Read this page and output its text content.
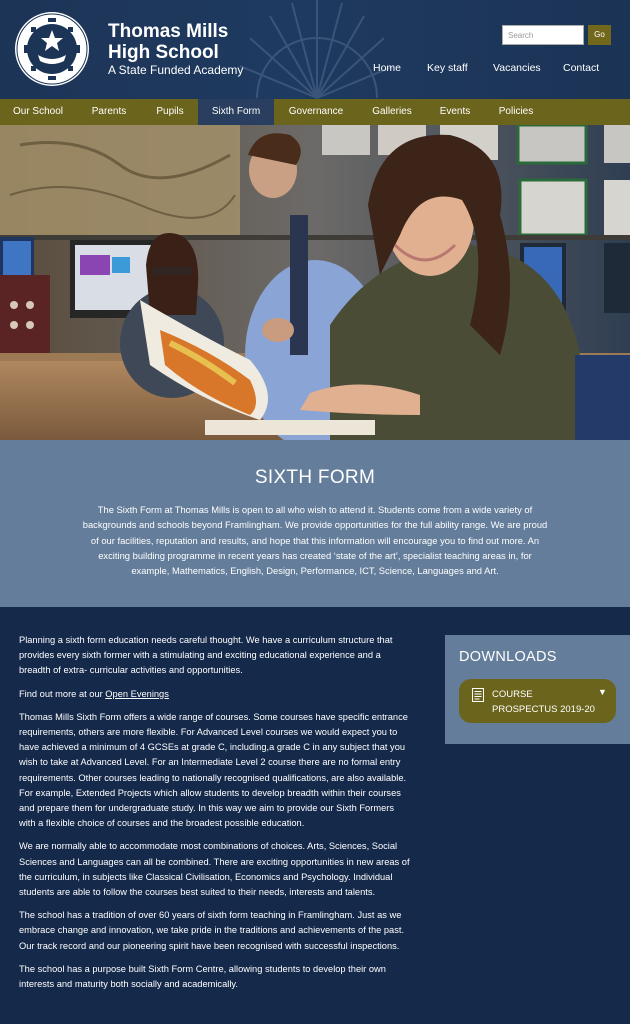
Thomas Mills High School
A State Funded Academy
Search
Go
Home Key staff Vacancies Contact
Our School	Parents	Pupils	Sixth Form	Governance	Galleries	Events	Policies
SIXTH FORM

The Sixth Form at Thomas Mills is open to all who wish to attend it. Students come from a wide variety of backgrounds and schools beyond Framlingham. We provide opportunities for the full ability range. We are proud of our facilities, reputation and results, and hope that this information will encourage you to find out more. An exciting building programme in recent years has created ‘state of the art’, specialist teaching areas in, for example, Mathematics, English, Design, Performance, ICT, Science, Languages and Art.

Planning a sixth form education needs careful thought. We have a curriculum structure that provides every sixth former with a stimulating and exciting educational experience and a breadth of extra- curricular activities and opportunities.

Find out more at our Open Evenings

Thomas Mills Sixth Form offers a wide range of courses. Some courses have specific entrance requirements, others are more flexible. For Advanced Level courses we would expect you to have achieved a minimum of 4 GCSEs at grade C, including,a grade C in any subject that you wish to take at Advanced Level. For an Intermediate Level 2 course there are no formal entry requirements. Other courses leading to nationally recognised qualifications, are also available. For example, Extended Projects which allow students to develop breadth within their courses and prepare them for undergraduate study. In this way we aim to provide our Sixth Formers with a flexible choice of courses and the broadest possible education.

We are normally able to accommodate most combinations of choices. Arts, Sciences, Social Sciences and Languages can all be combined. There are exciting opportunities in new areas of the curriculum, in subjects like Classical Civilisation, Economics and Psychology. Individual students are able to follow the courses best suited to their needs, interests and talents.

The school has a tradition of over 60 years of sixth form teaching in Framlingham. Just as we embrace change and innovation, we take pride in the traditions and achievements of the past. Our track record and our pioneering spirit have been recognised with successful inspections.

The school has a purpose built Sixth Form Centre, allowing students to develop their own interests and maturity both socially and academically.

DOWNLOADS
COURSE PROSPECTUS 2019-20
▼
